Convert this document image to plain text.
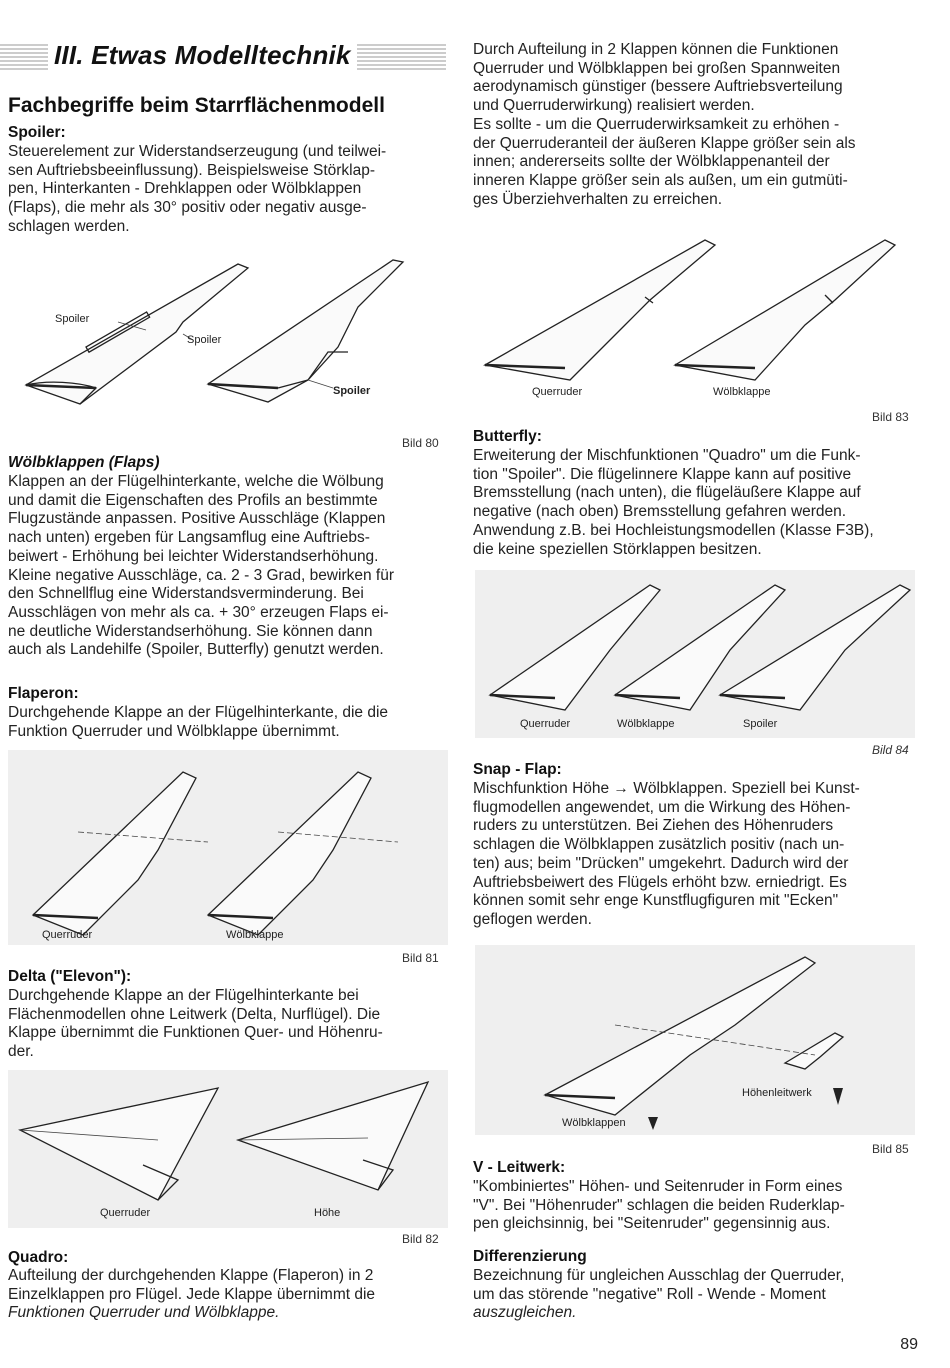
III. Etwas Modelltechnik
Fachbegriffe beim Starrflächenmodell
Spoiler:
Steuerelement zur Widerstandserzeugung (und teilwei-
sen Auftriebsbeeinflussung). Beispielsweise Störklap-
pen, Hinterkanten - Drehklappen oder Wölbklappen
(Flaps), die mehr als 30° positiv oder negativ ausge-
schlagen werden.
Spoiler
Spoiler
Spoiler
Bild 80
Wölbklappen (Flaps)
Klappen an der Flügelhinterkante, welche die Wölbung
und damit die Eigenschaften des Profils an bestimmte
Flugzustände anpassen. Positive Ausschläge (Klappen
nach unten) ergeben für Langsamflug eine Auftriebs-
beiwert - Erhöhung bei leichter Widerstandserhöhung.
Kleine negative Ausschläge, ca. 2 - 3 Grad, bewirken für
den Schnellflug eine Widerstandsverminderung. Bei
Ausschlägen von mehr als ca. + 30° erzeugen Flaps ei-
ne deutliche Widerstandserhöhung. Sie können dann
auch als Landehilfe (Spoiler, Butterfly) genutzt werden.
Flaperon:
Durchgehende Klappe an der Flügelhinterkante, die die
Funktion Querruder und Wölbklappe übernimmt.
Querruder	Wölbklappe
Bild 81
Delta ("Elevon"):
Durchgehende Klappe an der Flügelhinterkante bei
Flächenmodellen ohne Leitwerk (Delta, Nurflügel). Die
Klappe übernimmt die Funktionen Quer- und Höhenru-
der.
Querruder	Höhe
Bild 82
Quadro:
Aufteilung der durchgehenden Klappe (Flaperon) in 2
Einzelklappen pro Flügel. Jede Klappe übernimmt die
Funktionen Querruder und Wölbklappe.
Durch Aufteilung in 2 Klappen können die Funktionen
Querruder und Wölbklappen bei großen Spannweiten
aerodynamisch günstiger (bessere Auftriebsverteilung
und Querruderwirkung) realisiert werden.
Es sollte - um die Querruderwirksamkeit zu erhöhen -
der Querruderanteil der äußeren Klappe größer sein als
innen; andererseits sollte der Wölbklappenanteil der
inneren Klappe größer sein als außen, um ein gutmüti-
ges Überziehverhalten zu erreichen.
Querruder	Wölbklappe
Bild 83
Butterfly:
Erweiterung der Mischfunktionen "Quadro" um die Funk-
tion "Spoiler". Die flügelinnere Klappe kann auf positive
Bremsstellung (nach unten), die flügeläußere Klappe auf
negative (nach oben) Bremsstellung gefahren werden.
Anwendung z.B. bei Hochleistungsmodellen (Klasse F3B),
die keine speziellen Störklappen besitzen.
Querruder	Wölbklappe	Spoiler
Bild 84
Snap - Flap:
Mischfunktion Höhe → Wölbklappen. Speziell bei Kunst-
flugmodellen angewendet, um die Wirkung des Höhen-
ruders zu unterstützen. Bei Ziehen des Höhenruders
schlagen die Wölbklappen zusätzlich positiv (nach un-
ten) aus; beim "Drücken" umgekehrt. Dadurch wird der
Auftriebsbeiwert des Flügels erhöht bzw. erniedrigt. Es
können somit sehr enge Kunstflugfiguren mit "Ecken"
geflogen werden.
Höhenleitwerk
Wölbklappen
Bild 85
V - Leitwerk:
"Kombiniertes" Höhen- und Seitenruder in Form eines
"V". Bei "Höhenruder" schlagen die beiden Ruderklap-
pen gleichsinnig, bei "Seitenruder" gegensinnig aus.
Differenzierung
Bezeichnung für ungleichen Ausschlag der Querruder,
um das störende "negative" Roll - Wende - Moment
auszugleichen.
89
